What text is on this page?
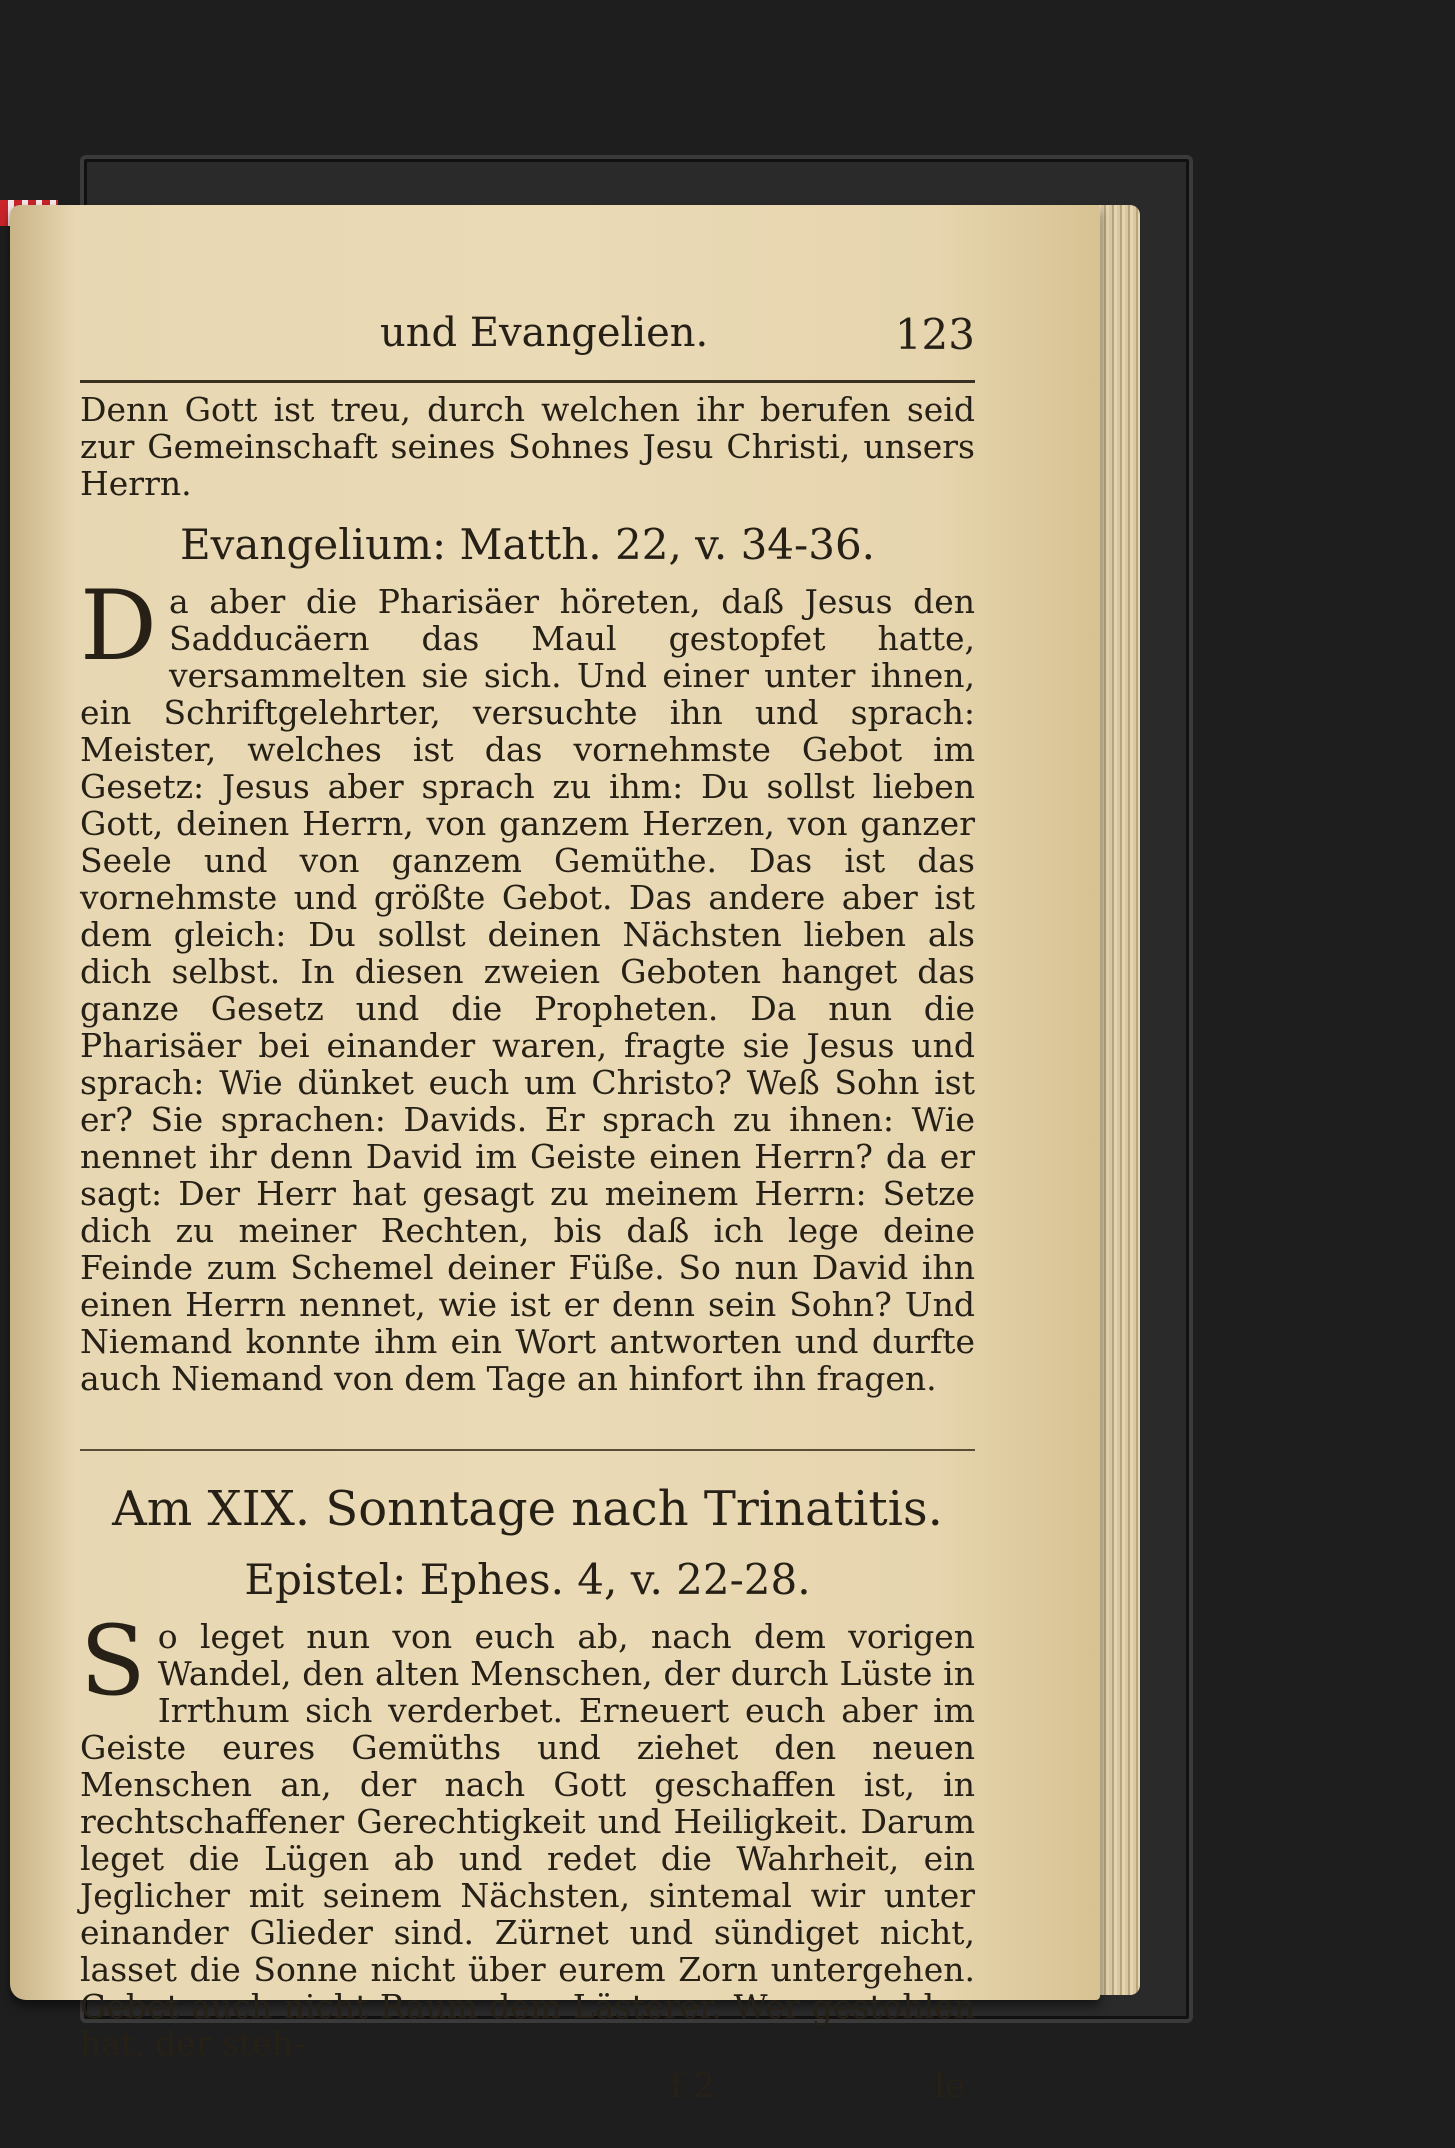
und Evangelien.	123

Denn Gott ist treu, durch welchen ihr berufen seid zur Gemeinschaft seines Sohnes Jesu Christi, unsers Herrn.

Evangelium: Matth. 22, v. 34-36.

D a aber die Pharisäer höreten, daß Jesus den Sadducäern das Maul gestopfet hatte, versammelten sie sich. Und einer unter ihnen, ein Schriftgelehrter, versuchte ihn und sprach: Meister, welches ist das vornehmste Gebot im Gesetz: Jesus aber sprach zu ihm: Du sollst lieben Gott, deinen Herrn, von ganzem Herzen, von ganzer Seele und von ganzem Gemüthe. Das ist das vornehmste und größte Gebot. Das andere aber ist dem gleich: Du sollst deinen Nächsten lieben als dich selbst. In diesen zweien Geboten hanget das ganze Gesetz und die Propheten. Da nun die Pharisäer bei einander waren, fragte sie Jesus und sprach: Wie dünket euch um Christo? Weß Sohn ist er? Sie sprachen: Davids. Er sprach zu ihnen: Wie nennet ihr denn David im Geiste einen Herrn? da er sagt: Der Herr hat gesagt zu meinem Herrn: Setze dich zu meiner Rechten, bis daß ich lege deine Feinde zum Schemel deiner Füße. So nun David ihn einen Herrn nennet, wie ist er denn sein Sohn? Und Niemand konnte ihm ein Wort antworten und durfte auch Niemand von dem Tage an hinfort ihn fragen.

Am XIX. Sonntage nach Trinatitis.
Epistel: Ephes. 4, v. 22-28.

S o leget nun von euch ab, nach dem vorigen Wandel, den alten Menschen, der durch Lüste in Irrthum sich verderbet. Erneuert euch aber im Geiste eures Gemüths und ziehet den neuen Menschen an, der nach Gott geschaffen ist, in rechtschaffener Gerechtigkeit und Heiligkeit. Darum leget die Lügen ab und redet die Wahrheit, ein Jeglicher mit seinem Nächsten, sintemal wir unter einander Glieder sind. Zürnet und sündiget nicht, lasset die Sonne nicht über eurem Zorn untergehen. Gebet auch nicht Raum dem Lästerer. Wer gestohlen hat, der steh-

f 2	le
